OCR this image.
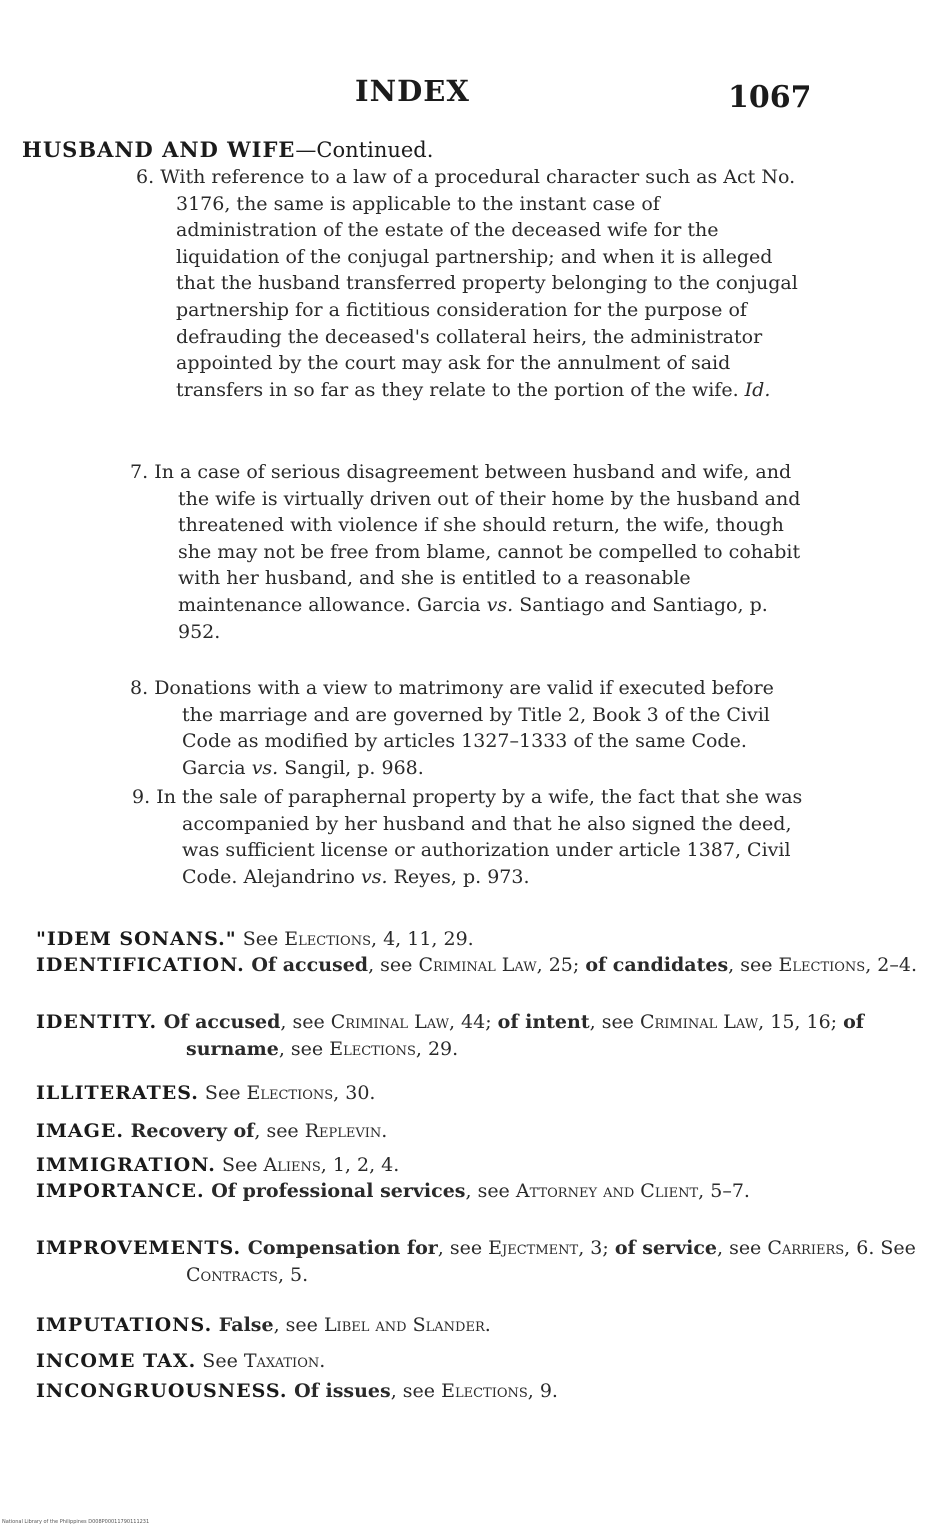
INDEX	1067
HUSBAND AND WIFE—Continued.
6. With reference to a law of a procedural character such as Act No. 3176, the same is applicable to the instant case of administration of the estate of the deceased wife for the liquidation of the conjugal partnership; and when it is alleged that the husband transferred property belonging to the conjugal partnership for a fictitious consideration for the purpose of defrauding the deceased's collateral heirs, the administrator appointed by the court may ask for the annulment of said transfers in so far as they relate to the portion of the wife. Id.
7. In a case of serious disagreement between husband and wife, and the wife is virtually driven out of their home by the husband and threatened with violence if she should return, the wife, though she may not be free from blame, cannot be compelled to cohabit with her husband, and she is entitled to a reasonable maintenance allowance. Garcia vs. Santiago and Santiago, p. 952.
8. Donations with a view to matrimony are valid if executed before the marriage and are governed by Title 2, Book 3 of the Civil Code as modified by articles 1327–1333 of the same Code. Garcia vs. Sangil, p. 968.
9. In the sale of paraphernal property by a wife, the fact that she was accompanied by her husband and that he also signed the deed, was sufficient license or authorization under article 1387, Civil Code. Alejandrino vs. Reyes, p. 973.
"IDEM SONANS." See Elections, 4, 11, 29.
IDENTIFICATION. Of accused, see Criminal Law, 25; of candidates, see Elections, 2–4.
IDENTITY. Of accused, see Criminal Law, 44; of intent, see Criminal Law, 15, 16; of surname, see Elections, 29.
ILLITERATES. See Elections, 30.
IMAGE. Recovery of, see Replevin.
IMMIGRATION. See Aliens, 1, 2, 4.
IMPORTANCE. Of professional services, see Attorney and Client, 5–7.
IMPROVEMENTS. Compensation for, see Ejectment, 3; of service, see Carriers, 6. See Contracts, 5.
IMPUTATIONS. False, see Libel and Slander.
INCOME TAX. See Taxation.
INCONGRUOUSNESS. Of issues, see Elections, 9.
National Library of the Philippines D008P00011790111231
